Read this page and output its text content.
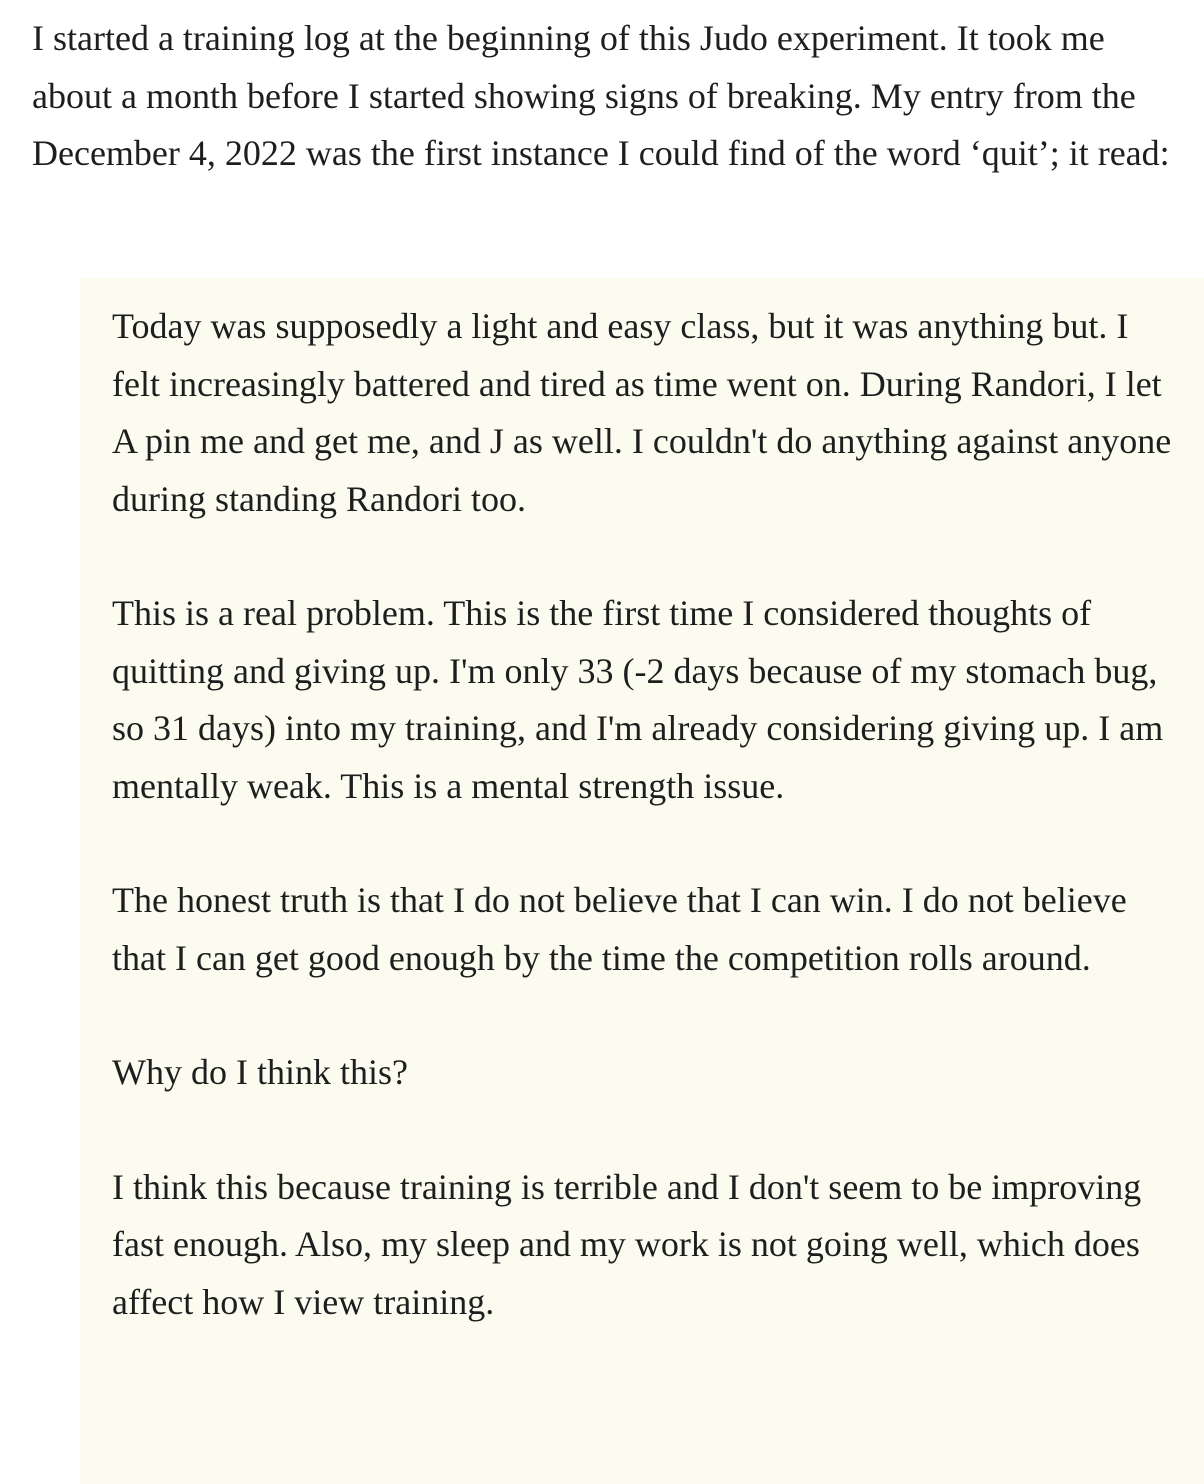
I started a training log at the beginning of this Judo experiment. It took me about a month before I started showing signs of breaking. My entry from the December 4, 2022 was the first instance I could find of the word ‘quit’; it read:

Today was supposedly a light and easy class, but it was anything but. I felt increasingly battered and tired as time went on. During Randori, I let A pin me and get me, and J as well. I couldn't do anything against anyone during standing Randori too.

This is a real problem. This is the first time I considered thoughts of quitting and giving up. I'm only 33 (-2 days because of my stomach bug, so 31 days) into my training, and I'm already considering giving up. I am mentally weak. This is a mental strength issue.

The honest truth is that I do not believe that I can win. I do not believe that I can get good enough by the time the competition rolls around.

Why do I think this?

I think this because training is terrible and I don't seem to be improving fast enough. Also, my sleep and my work is not going well, which does affect how I view training.
